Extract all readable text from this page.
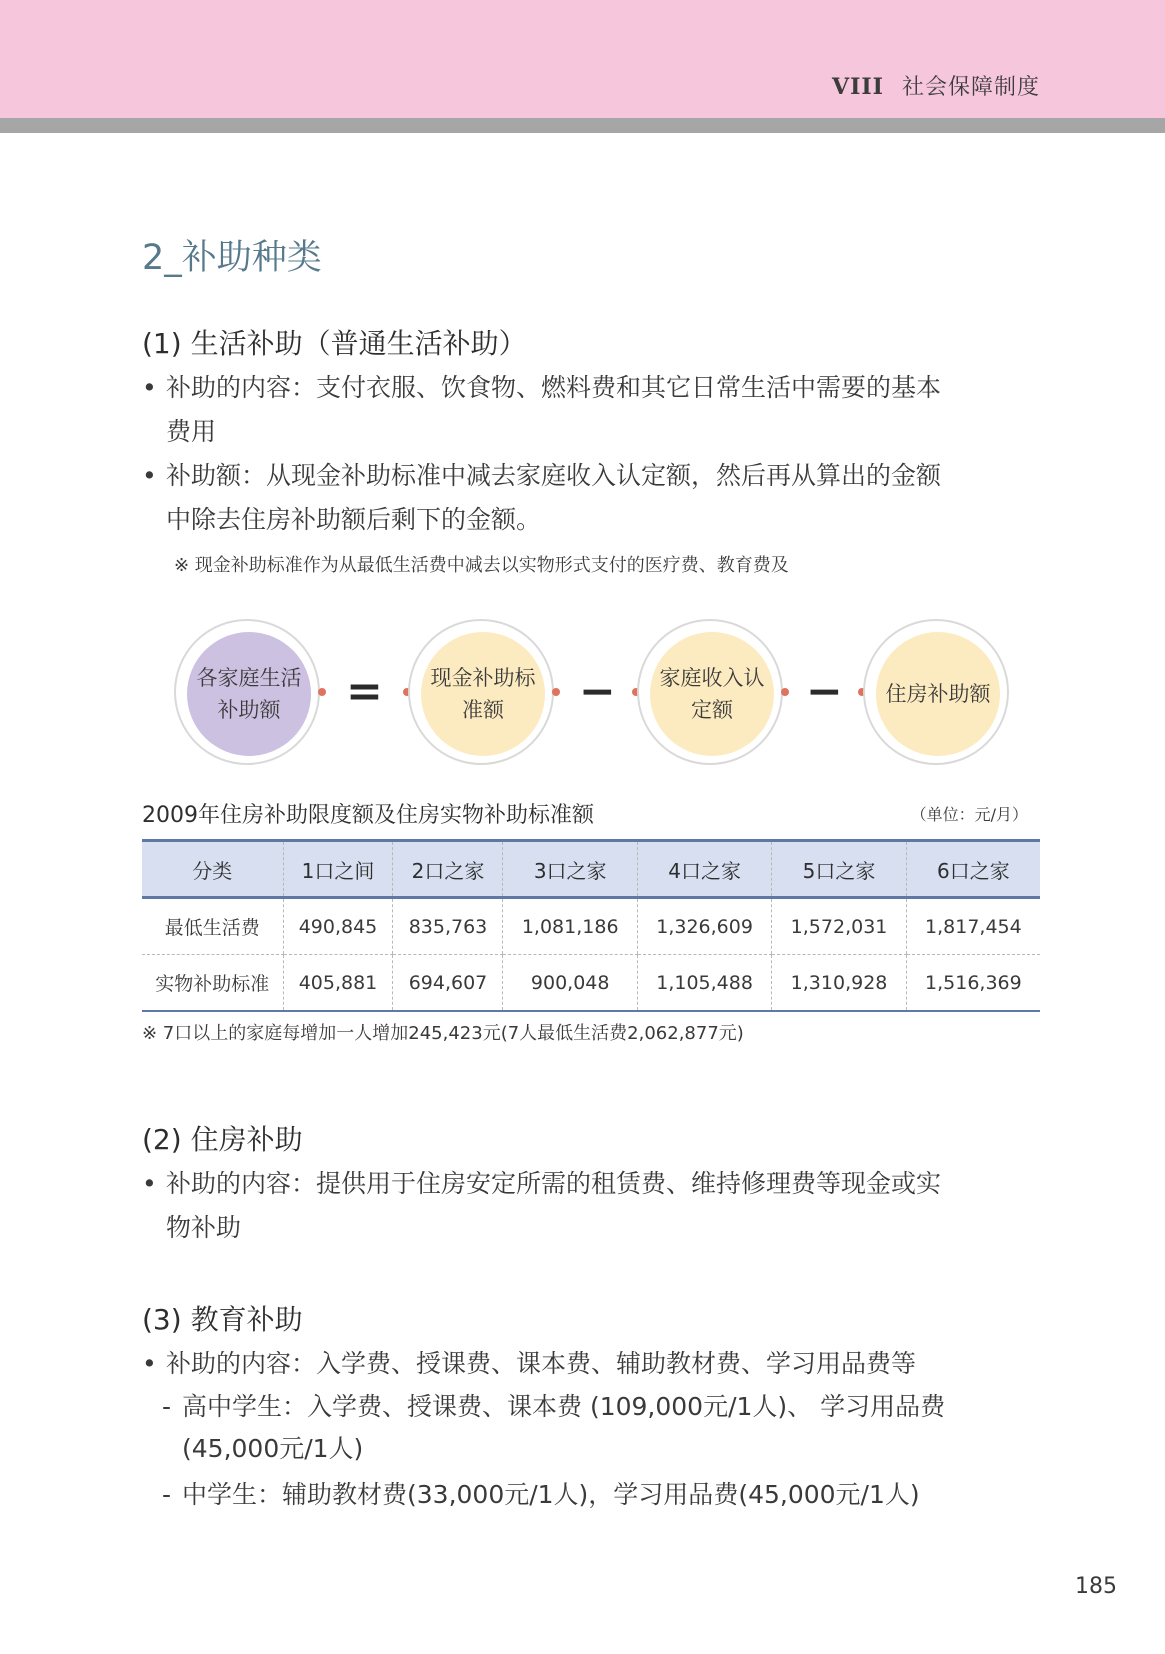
VIII 社会保障制度
2_补助种类
(1) 生活补助（普通生活补助）
• 补助的内容：支付衣服、饮食物、燃料费和其它日常生活中需要的基本
费用
• 补助额：从现金补助标准中减去家庭收入认定额，然后再从算出的金额
中除去住房补助额后剩下的金额。
※ 现金补助标准作为从最低生活费中减去以实物形式支付的医疗费、教育费及
各家庭生活
补助额	= 现金补助标
准额	− 家庭收入认
定额	− 住房补助额
2009年住房补助限度额及住房实物补助标准额	（单位：元/月）
分类	1口之间	2口之家	3口之家	4口之家	5口之家	6口之家
最低生活费	490,845	835,763	1,081,186	1,326,609	1,572,031	1,817,454
实物补助标准	405,881	694,607	900,048	1,105,488	1,310,928	1,516,369
※ 7口以上的家庭每增加一人增加245,423元(7人最低生活费2,062,877元)
(2) 住房补助
• 补助的内容：提供用于住房安定所需的租赁费、维持修理费等现金或实
物补助
(3) 教育补助
• 补助的内容：入学费、授课费、课本费、辅助教材费、学习用品费等
- 高中学生：入学费、授课费、课本费 (109,000元/1人)、 学习用品费
(45,000元/1人)
- 中学生：辅助教材费(33,000元/1人)，学习用品费(45,000元/1人)
185
